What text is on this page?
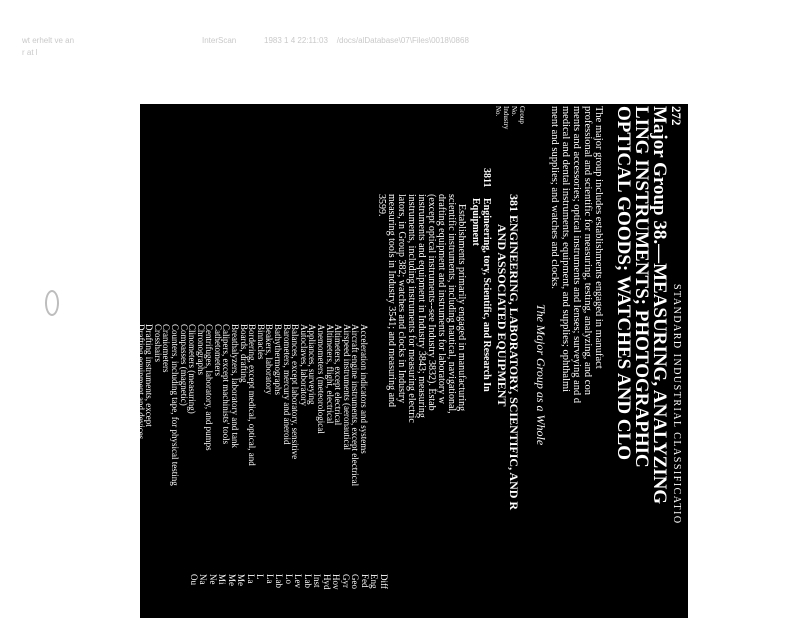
wt erhelt ve an
r at l
InterScan	1983 1 4 22:11:03    /docs/alDatabase\07\Files\0018\0868
272
STANDARD INDUSTRIAL CLASSIFICATIO
Major Group 38.—MEASURING, ANALYZING
LING INSTRUMENTS; PHOTOGRAPHIC
OPTICAL GOODS; WATCHES AND CLO
The major group includes establishments engaged in manufact
professional and scientific for measuring, testing, analyzing, and con
ments and accessories; optical instruments and lenses; surveying and d
medical and dental instruments, equipment, and supplies; ophthalmi
ment and supplies; and watches and clocks.
The Major Group as a Whole
Group
No.
Industry
No.
381 ENGINEERING, LABORATORY, SCIENTIFIC, AND R
AND ASSOCIATED EQUIPMENT
3811
Engineering, tory, Scientific, and Research In
Equipment
Establishments primarily engaged in manufacturing
scientific instruments, including nautical, navigational,
drafting equipment and instruments for laboratory w
(except optical instruments--see Industry 3832). Estab
instruments and equipment in Industry 3843; measuring
instruments, including instruments for measuring electric
lators, in Group 382; watches and clocks in Industry
measuring tools in Industry 3541; and measuring and
3599.
Acceleration indicators and systems
Aircraft engine instruments, except electrical
Airspeed instruments (aeronautical
Altimeters, except electrical
Altimeters, flight, electrical
Anemometers (meteorological
Appliances, surveying
Autoclaves, laboratory
Balances, except laboratory, sensitive
Barometers, mercury and aneroid
Bathythermographs
Beakers, laboratory
Binnacles
Bordering, except medical, optical, and
Boards, drafting
Breathalyzers, laboratory and tank
Calipers, except machinists' tools
Cathetometers
Centrifuges, laboratory, and pumps
Chronographs
Clinometers (measuring)
Compasses (magnetic)
Counters, including tape, for physical testing
Craniometers
Crosshairs
Drafting instruments, except
Drafting equipment and devices
Electron microscopes
Engineers' scales and accessories
Equipment, laboratory
Evaporation apparatus
Extractors, laboratory
Furnaces, laboratory, except dental
Diff
Eng
Fed
Geo
Gyr
Hov
Hyd
Inst
Lab
Lev
Lo
Lab
La
L
La
Me
Me
Mi
Ne
Na
Ou
